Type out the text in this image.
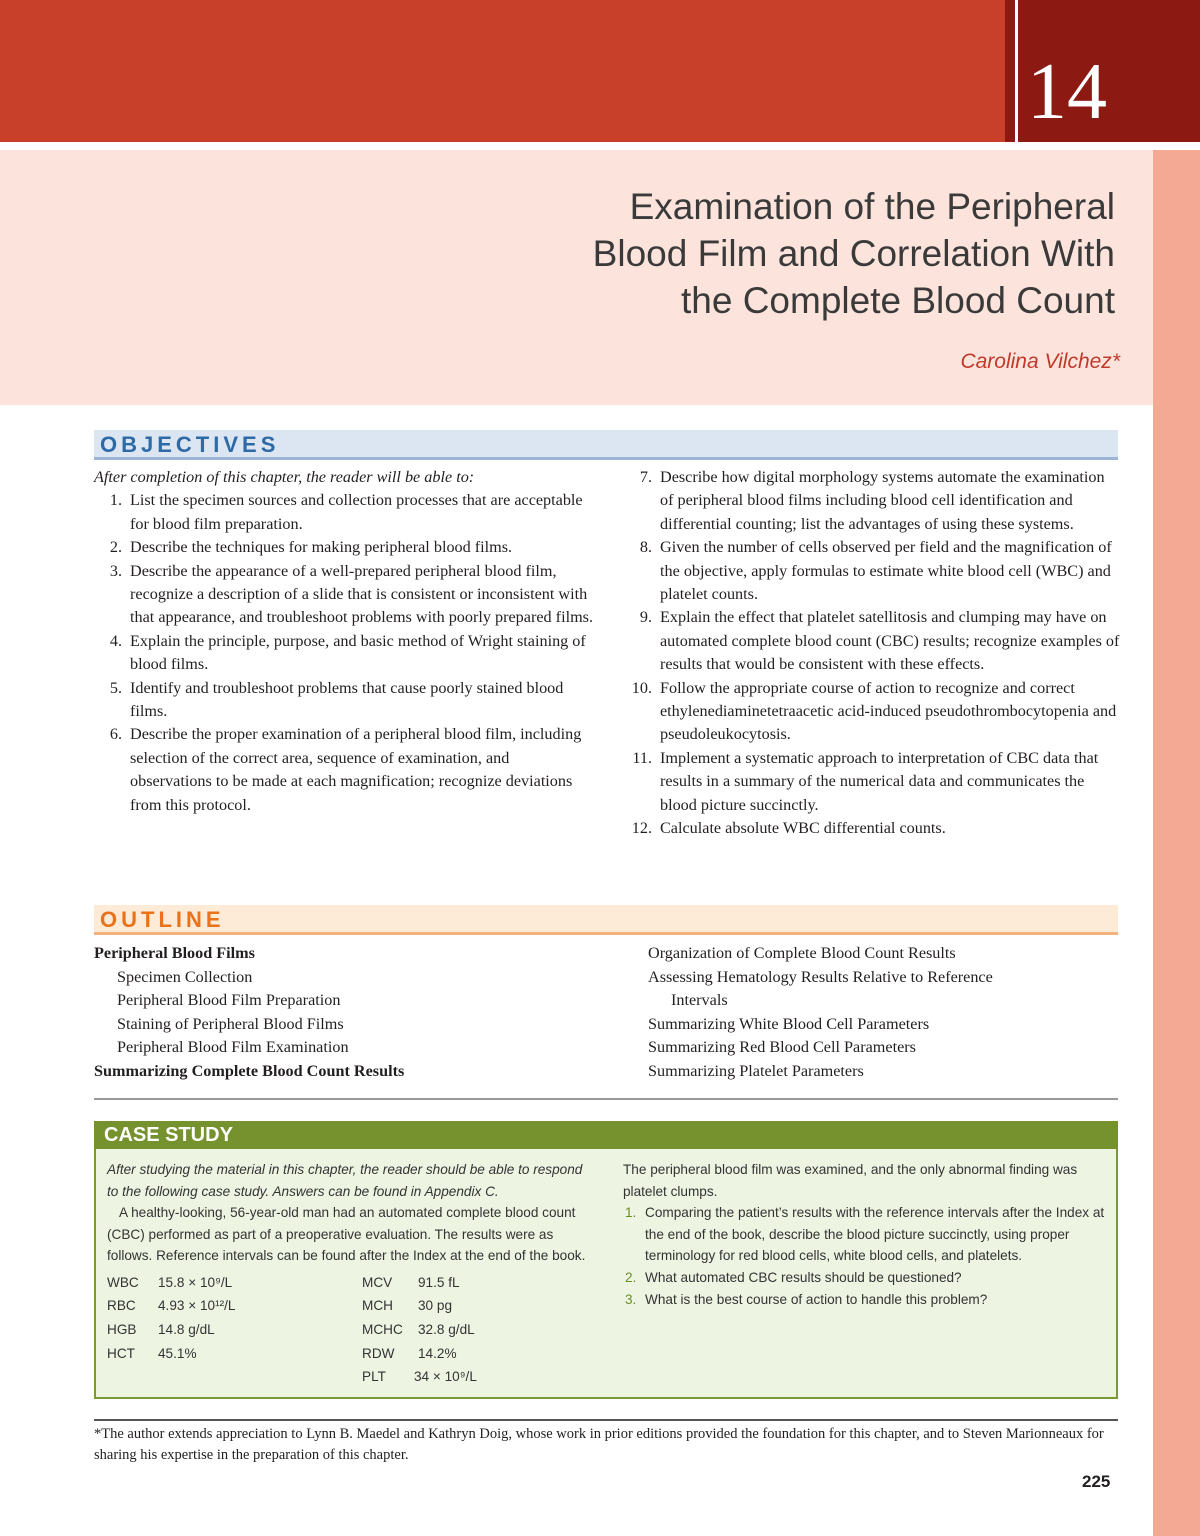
14
Examination of the Peripheral
Blood Film and Correlation With
the Complete Blood Count
Carolina Vilchez*
OBJECTIVES
After completion of this chapter, the reader will be able to:
1. List the specimen sources and collection processes that are acceptable for blood film preparation.
2. Describe the techniques for making peripheral blood films.
3. Describe the appearance of a well-prepared peripheral blood film, recognize a description of a slide that is consistent or inconsistent with that appearance, and troubleshoot problems with poorly prepared films.
4. Explain the principle, purpose, and basic method of Wright staining of blood films.
5. Identify and troubleshoot problems that cause poorly stained blood films.
6. Describe the proper examination of a peripheral blood film, including selection of the correct area, sequence of examination, and observations to be made at each magnification; recognize deviations from this protocol.
7. Describe how digital morphology systems automate the examination of peripheral blood films including blood cell identification and differential counting; list the advantages of using these systems.
8. Given the number of cells observed per field and the magnification of the objective, apply formulas to estimate white blood cell (WBC) and platelet counts.
9. Explain the effect that platelet satellitosis and clumping may have on automated complete blood count (CBC) results; recognize examples of results that would be consistent with these effects.
10. Follow the appropriate course of action to recognize and correct ethylenediaminetetraacetic acid-induced pseudothrombocytopenia and pseudoleukocytosis.
11. Implement a systematic approach to interpretation of CBC data that results in a summary of the numerical data and communicates the blood picture succinctly.
12. Calculate absolute WBC differential counts.
OUTLINE
Peripheral Blood Films
Specimen Collection
Peripheral Blood Film Preparation
Staining of Peripheral Blood Films
Peripheral Blood Film Examination
Summarizing Complete Blood Count Results
Organization of Complete Blood Count Results
Assessing Hematology Results Relative to Reference
Intervals
Summarizing White Blood Cell Parameters
Summarizing Red Blood Cell Parameters
Summarizing Platelet Parameters
CASE STUDY
After studying the material in this chapter, the reader should be able to respond to the following case study. Answers can be found in Appendix C.
A healthy-looking, 56-year-old man had an automated complete blood count (CBC) performed as part of a preoperative evaluation. The results were as follows. Reference intervals can be found after the Index at the end of the book.
WBC 15.8 × 10⁹/L
RBC 4.93 × 10¹²/L
HGB 14.8 g/dL
HCT 45.1%
MCV 91.5 fL
MCH 30 pg
MCHC 32.8 g/dL
RDW 14.2%
PLT 34 × 10⁹/L
The peripheral blood film was examined, and the only abnormal finding was platelet clumps.
1. Comparing the patient’s results with the reference intervals after the Index at the end of the book, describe the blood picture succinctly, using proper terminology for red blood cells, white blood cells, and platelets.
2. What automated CBC results should be questioned?
3. What is the best course of action to handle this problem?
*The author extends appreciation to Lynn B. Maedel and Kathryn Doig, whose work in prior editions provided the foundation for this chapter, and to Steven Marionneaux for sharing his expertise in the preparation of this chapter.
225
